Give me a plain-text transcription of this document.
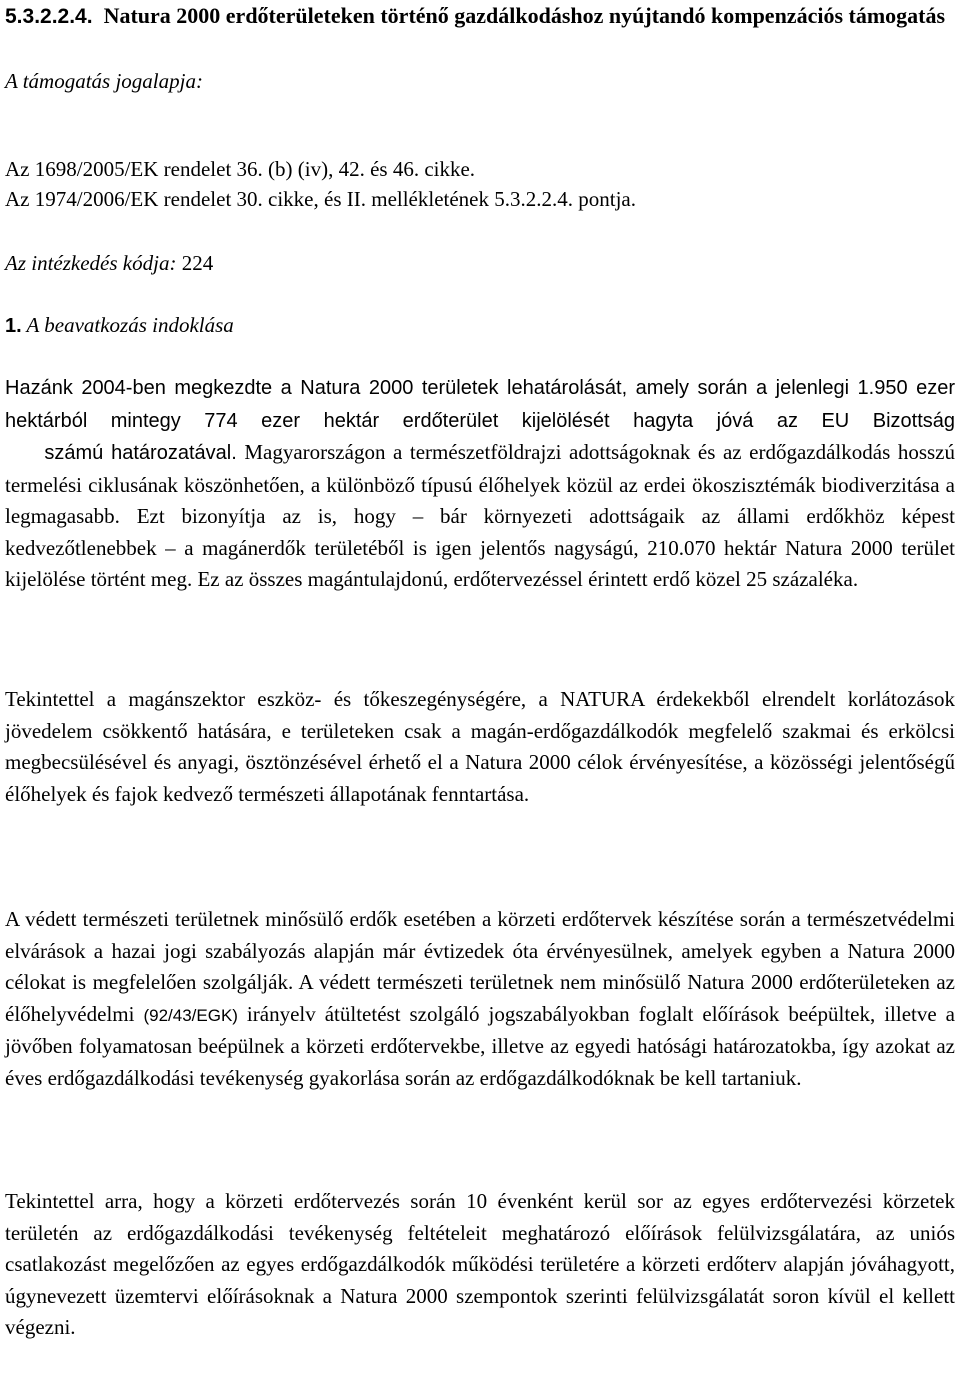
5.3.2.2.4. Natura 2000 erdőterületeken történő gazdálkodáshoz nyújtandó kompenzációs támogatás

A támogatás jogalapja:

Az 1698/2005/EK rendelet 36. (b) (iv), 42. és 46. cikke.

Az 1974/2006/EK rendelet 30. cikke, és II. mellékletének 5.3.2.2.4. pontja.

Az intézkedés kódja: 224

1. A beavatkozás indoklása

Hazánk 2004-ben megkezdte a Natura 2000 területek lehatárolását, amely során a jelenlegi 1.950 ezer hektárból mintegy 774 ezer hektár erdőterület kijelölését hagyta jóvá az EU Bizottság     számú határozatával. Magyarországon a természetföldrajzi adottságoknak és az erdőgazdálkodás hosszú termelési ciklusának köszönhetően, a különböző típusú élőhelyek közül az erdei ökoszisztémák biodiverzitása a legmagasabb. Ezt bizonyítja az is, hogy – bár környezeti adottságaik az állami erdőkhöz képest kedvezőtlenebbek – a magánerdők területéből is igen jelentős nagyságú, 210.070 hektár Natura 2000 terület kijelölése történt meg. Ez az összes magántulajdonú, erdőtervezéssel érintett erdő közel 25 százaléka.

Tekintettel a magánszektor eszköz- és tőkeszegénységére, a NATURA érdekekből elrendelt korlátozások jövedelem csökkentő hatására, e területeken csak a magán-erdőgazdálkodók megfelelő szakmai és erkölcsi megbecsülésével és anyagi, ösztönzésével érhető el a Natura 2000 célok érvényesítése, a közösségi jelentőségű élőhelyek és fajok kedvező természeti állapotának fenntartása.

A védett természeti területnek minősülő erdők esetében a körzeti erdőtervek készítése során a természetvédelmi elvárások a hazai jogi szabályozás alapján már évtizedek óta érvényesülnek, amelyek egyben a Natura 2000 célokat is megfelelően szolgálják. A védett természeti területnek nem minősülő Natura 2000 erdőterületeken az élőhelyvédelmi (92/43/EGK) irányelv átültetést szolgáló jogszabályokban foglalt előírások beépültek, illetve a jövőben folyamatosan beépülnek a körzeti erdőtervekbe, illetve az egyedi hatósági határozatokba, így azokat az éves erdőgazdálkodási tevékenység gyakorlása során az erdőgazdálkodóknak be kell tartaniuk.

Tekintettel arra, hogy a körzeti erdőtervezés során 10 évenként kerül sor az egyes erdőtervezési körzetek területén az erdőgazdálkodási tevékenység feltételeit meghatározó előírások felülvizsgálatára, az uniós csatlakozást megelőzően az egyes erdőgazdálkodók működési területére a körzeti erdőterv alapján jóváhagyott, úgynevezett üzemtervi előírásoknak a Natura 2000 szempontok szerinti felülvizsgálatát soron kívül el kellett végezni.
